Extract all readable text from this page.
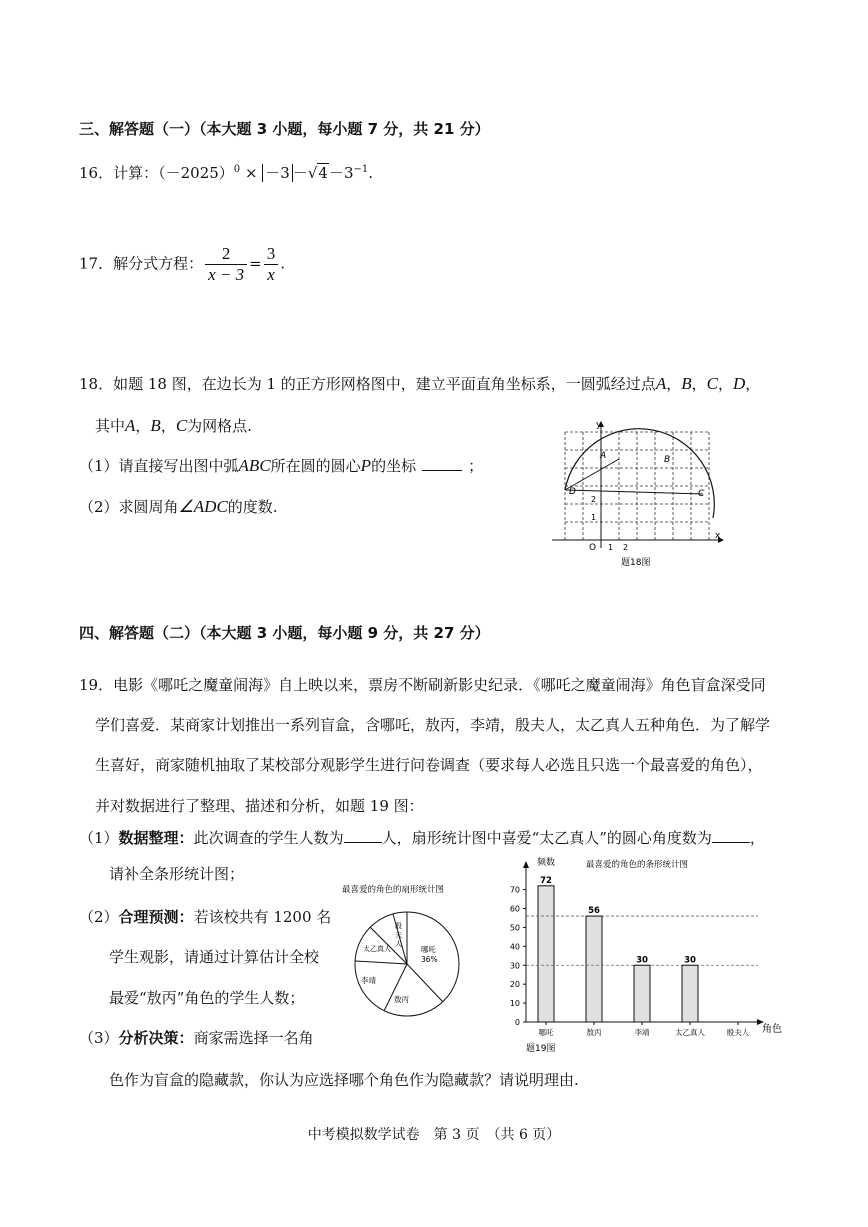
三、解答题（一）（本大题 3 小题，每小题 7 分，共 21 分）
16．计算：$(-2025)^0 \times -3 -√4-3^{-1}$.
17．解分式方程： $\frac{2}{x - 3} = \frac{3}{x}$ .
18．如题 18 图，在边长为 1 的正方形网格图中，建立平面直角坐标系，一圆弧经过点A，B，C，D，
其中A，B，C为网格点.
（1）请直接写出图中弧ABC所在圆的圆心P的坐标	；
（2）求圆周角∠ADC的度数.
y
x
O 1 2
1
2
A	B
C
D
题18图
四、解答题（二）（本大题 3 小题，每小题 9 分，共 27 分）
19．电影《哪吒之魔童闹海》自上映以来，票房不断刷新影史纪录．《哪吒之魔童闹海》角色盲盒深受同
学们喜爱．某商家计划推出一系列盲盒，含哪吒，敖丙，李靖，殷夫人，太乙真人五种角色．为了解学
生喜好，商家随机抽取了某校部分观影学生进行问卷调查（要求每人必选且只选一个最喜爱的角色），
并对数据进行了整理、描述和分析，如题 19 图：
（1）数据整理：此次调查的学生人数为	人，扇形统计图中喜爱“太乙真人”的圆心角度数为	，
请补全条形统计图；
（2）合理预测：若该校共有 1200 名
学生观影，请通过计算估计全校
最爱“敖丙”角色的学生人数；
（3）分析决策：商家需选择一名角
色作为盲盒的隐藏款，你认为应选择哪个角色作为隐藏款？请说明理由.
最喜爱的角色的扇形统计图
哪吒
36%
敖丙
李靖
太乙真人
殷夫人
频数	最喜爱的角色的条形统计图
角色
0
10
20
30
40
50
60
70
72
哪吒
56
敖丙
30
李靖
30
太乙真人	殷夫人
题19图
中考模拟数学试卷　第 3 页　（共 6 页）
